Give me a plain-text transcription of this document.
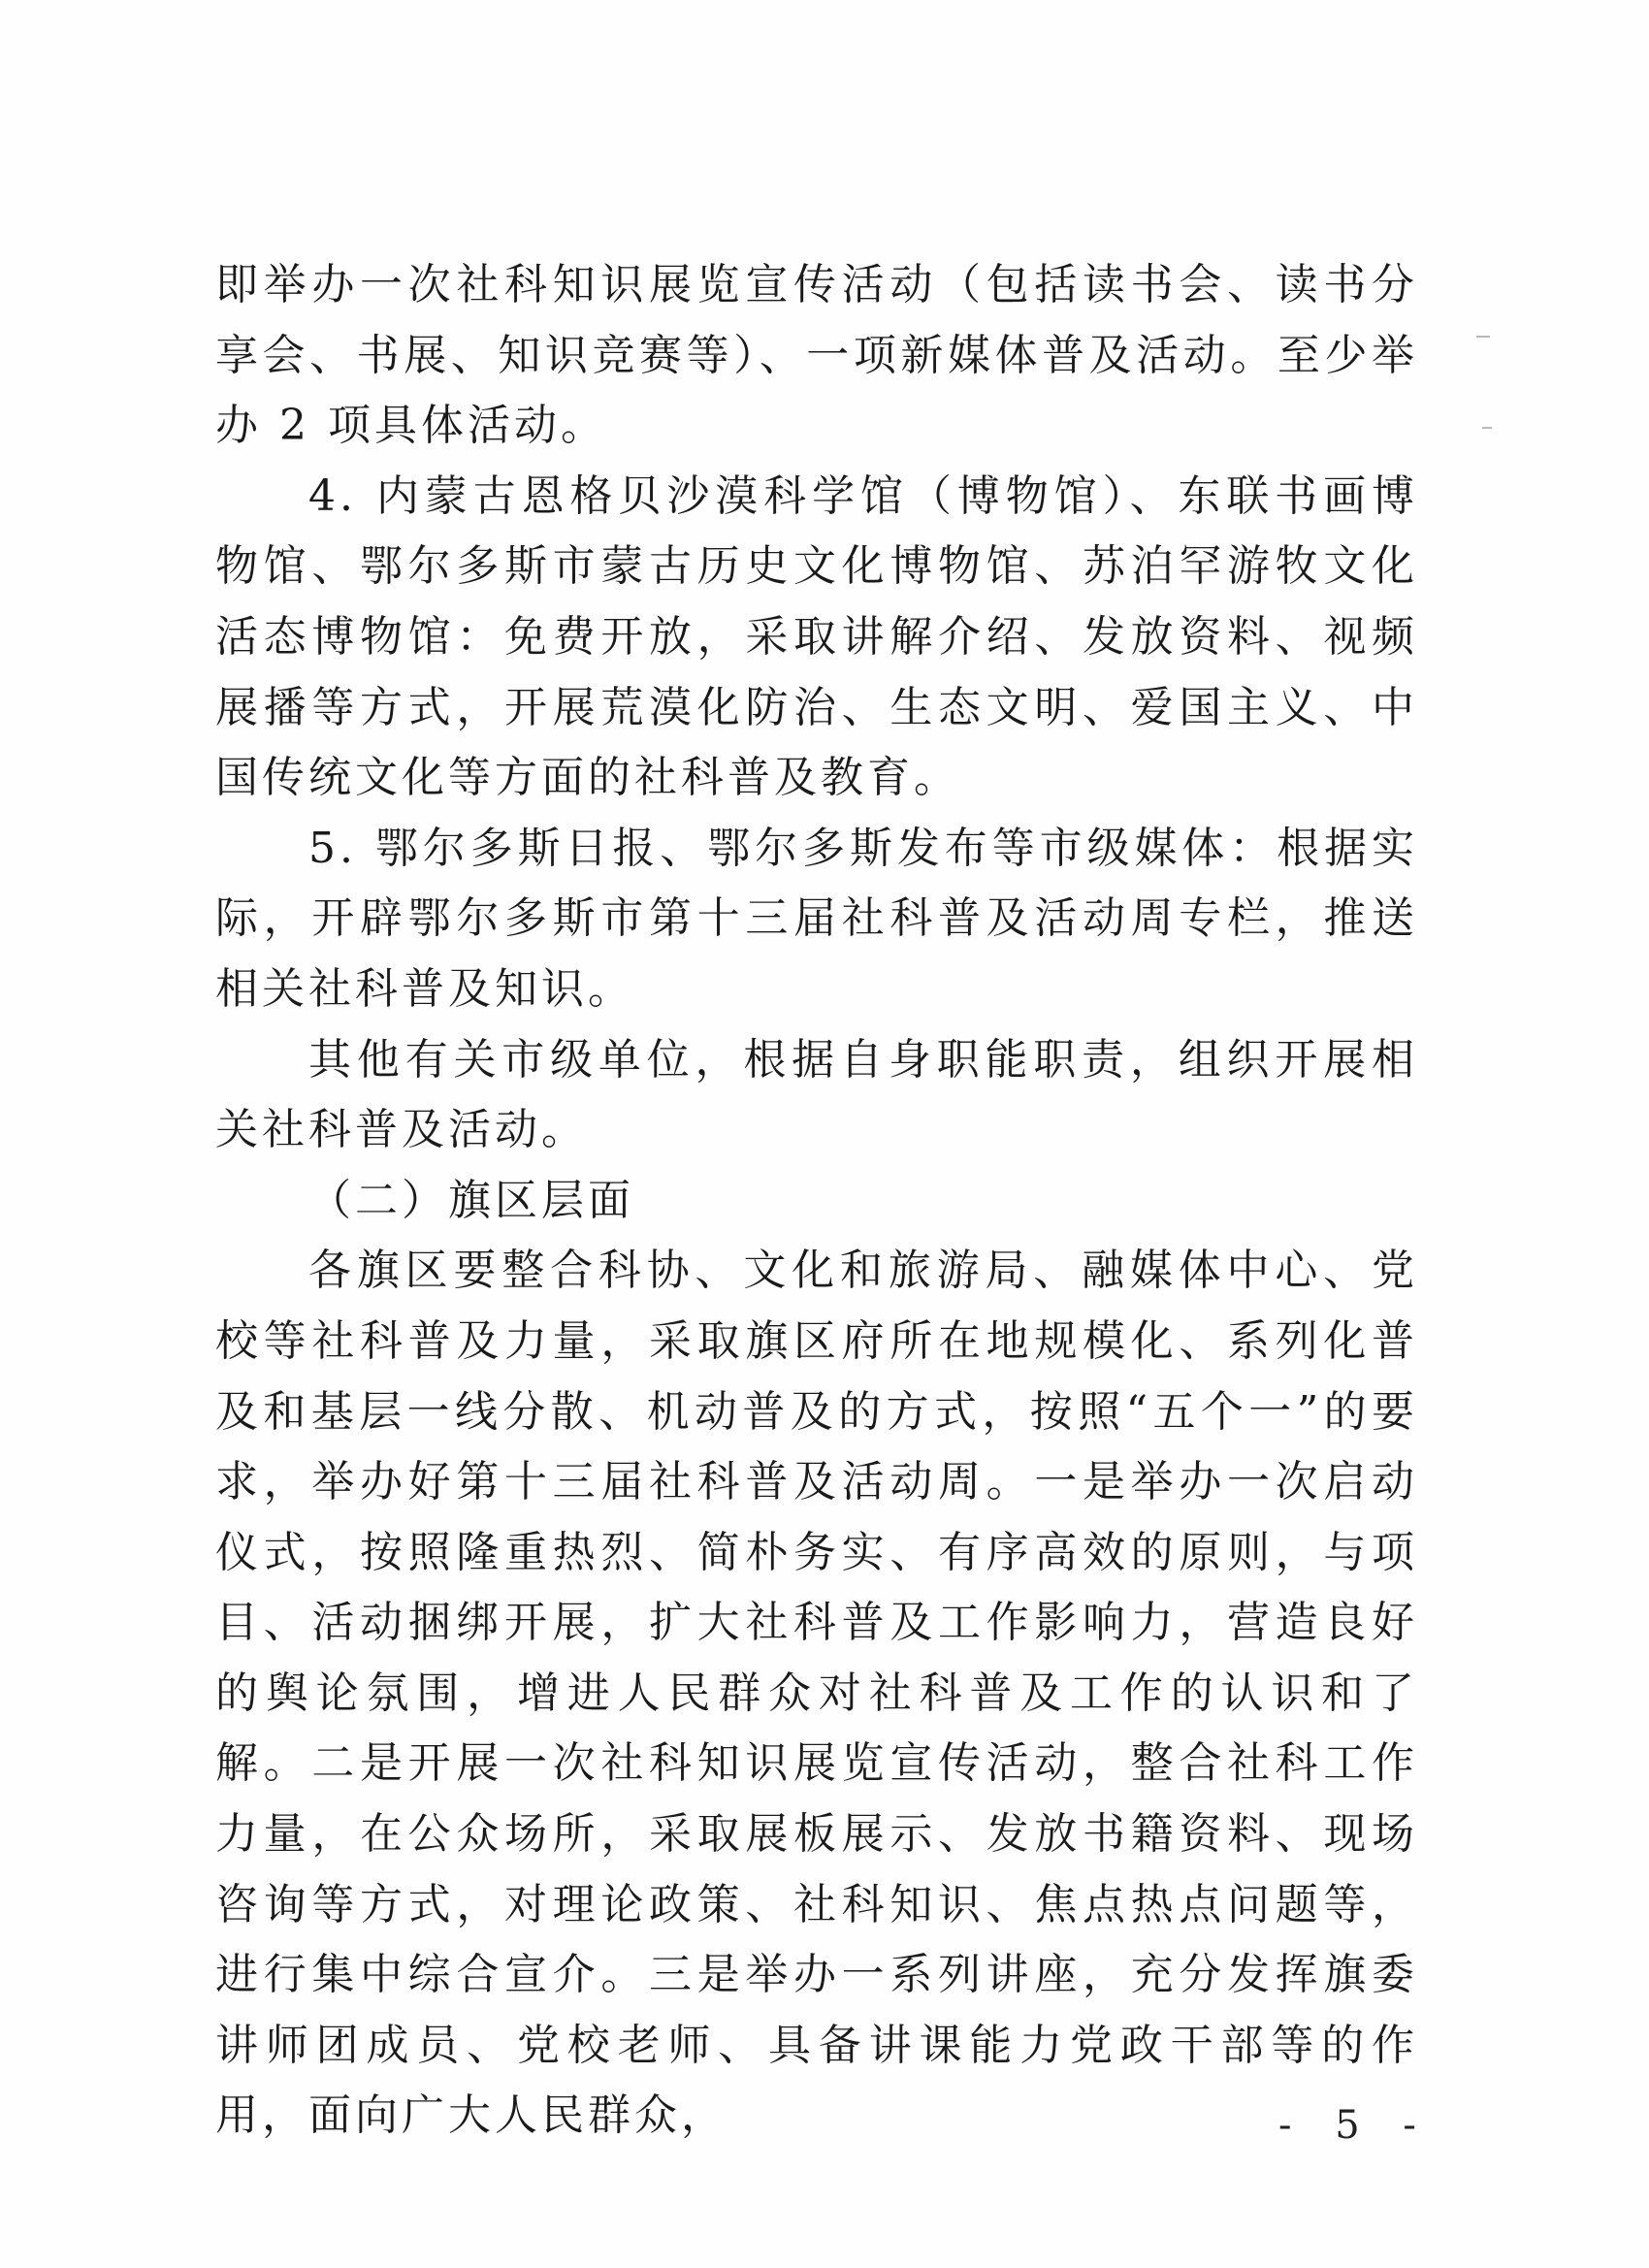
即举办一次社科知识展览宣传活动（包括读书会、读书分享会、书展、知识竞赛等）、一项新媒体普及活动。至少举办 2 项具体活动。

4. 内蒙古恩格贝沙漠科学馆（博物馆）、东联书画博物馆、鄂尔多斯市蒙古历史文化博物馆、苏泊罕游牧文化活态博物馆：免费开放，采取讲解介绍、发放资料、视频展播等方式，开展荒漠化防治、生态文明、爱国主义、中国传统文化等方面的社科普及教育。

5. 鄂尔多斯日报、鄂尔多斯发布等市级媒体：根据实际，开辟鄂尔多斯市第十三届社科普及活动周专栏，推送相关社科普及知识。

其他有关市级单位，根据自身职能职责，组织开展相关社科普及活动。

（二）旗区层面

各旗区要整合科协、文化和旅游局、融媒体中心、党校等社科普及力量，采取旗区府所在地规模化、系列化普及和基层一线分散、机动普及的方式，按照“五个一”的要求，举办好第十三届社科普及活动周。一是举办一次启动仪式，按照隆重热烈、简朴务实、有序高效的原则，与项目、活动捆绑开展，扩大社科普及工作影响力，营造良好的舆论氛围，增进人民群众对社科普及工作的认识和了解。二是开展一次社科知识展览宣传活动，整合社科工作力量，在公众场所，采取展板展示、发放书籍资料、现场咨询等方式，对理论政策、社科知识、焦点热点问题等，进行集中综合宣介。三是举办一系列讲座，充分发挥旗委讲师团成员、党校老师、具备讲课能力党政干部等的作用，面向广大人民群众，	- 5 -
